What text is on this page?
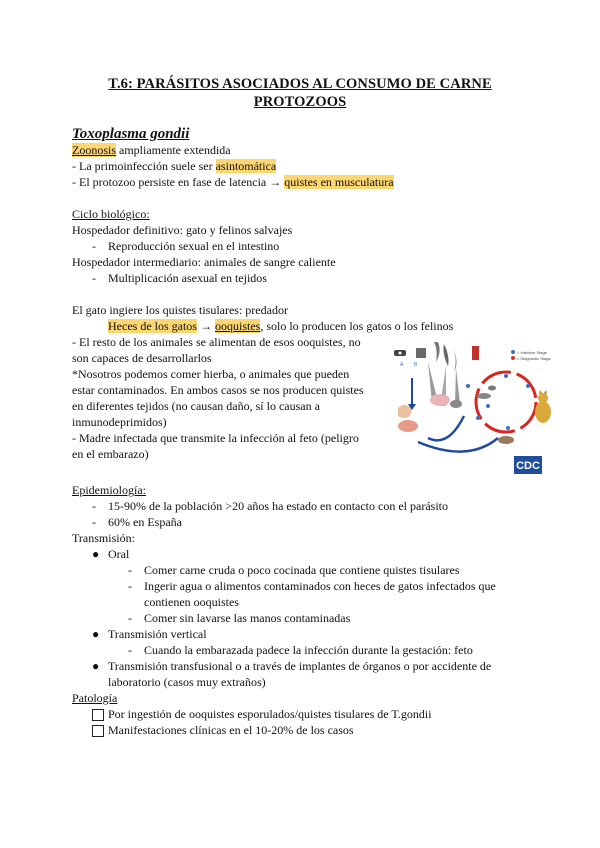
T.6: PARÁSITOS ASOCIADOS AL CONSUMO DE CARNE
PROTOZOOS
Toxoplasma gondii
Zoonosis ampliamente extendida
- La primoinfección suele ser asintomática
- El protozoo persiste en fase de latencia → quistes en musculatura
Ciclo biológico:
Hospedador definitivo: gato y felinos salvajes
- Reproducción sexual en el intestino
Hospedador intermediario: animales de sangre caliente
- Multiplicación asexual en tejidos
El gato ingiere los quistes tisulares: predador
Heces de los gatos → ooquistes, solo lo producen los gatos o los felinos
- El resto de los animales se alimentan de esos ooquistes, no
son capaces de desarrollarlos
*Nosotros podemos comer hierba, o animales que pueden
estar contaminados. En ambos casos se nos producen quistes
en diferentes tejidos (no causan daño, sí lo causan a
inmunodeprimidos)
- Madre infectada que transmite la infección al feto (peligro
en el embarazo)
= Infective Stage
= Diagnostic Stage
A B
CDC
Epidemiología:
- 15-90% de la población >20 años ha estado en contacto con el parásito
- 60% en España
Transmisión:
● Oral
- Comer carne cruda o poco cocinada que contiene quistes tisulares
- Ingerir agua o alimentos contaminados con heces de gatos infectados que
contienen ooquistes
- Comer sin lavarse las manos contaminadas
● Transmisión vertical
- Cuando la embarazada padece la infección durante la gestación: feto
● Transmisión transfusional o a través de implantes de órganos o por accidente de
laboratorio (casos muy extraños)
Patología
Por ingestión de ooquistes esporulados/quistes tisulares de T.gondii
Manifestaciones clínicas en el 10-20% de los casos
